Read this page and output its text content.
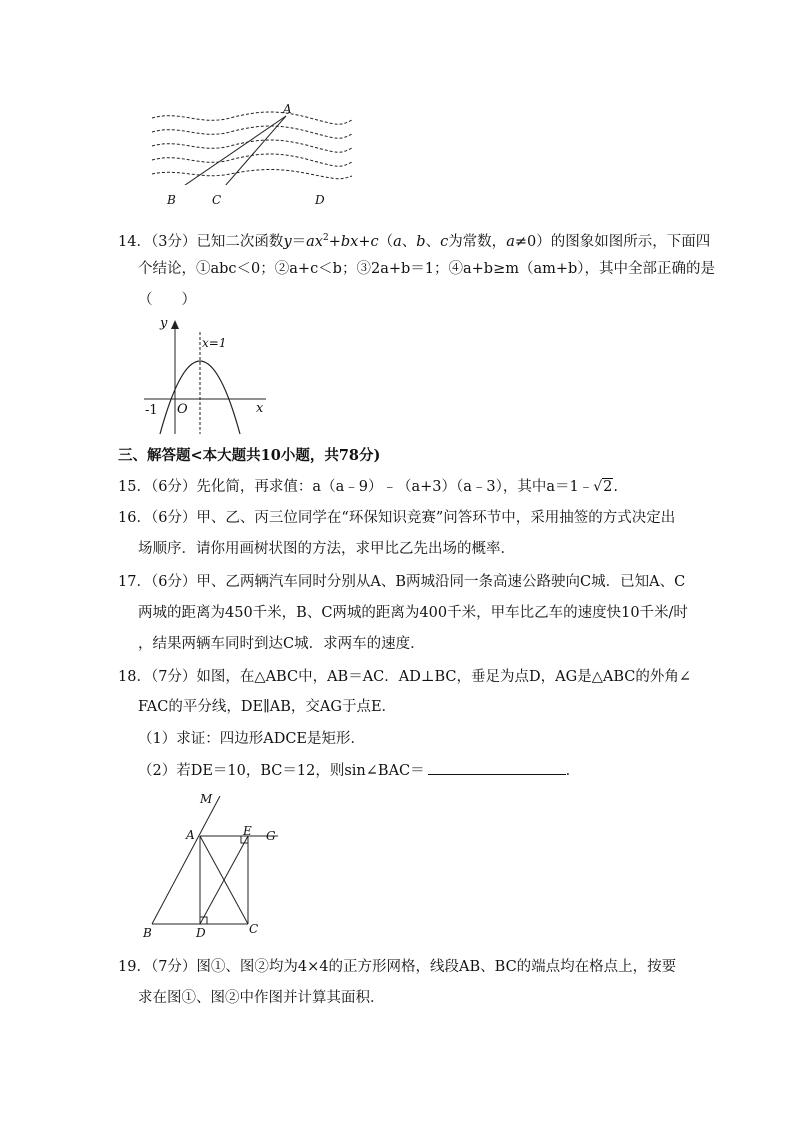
A
B	C	D
14．（3分）已知二次函数$y=ax^2+bx+c(a$、b、c为常数，a≠0）的图象如图所示，下面四
个结论，①abc＜0；②a+c＜b；③2a+b＝1；④a+b≥m（am+b），其中全部正确的是
（　　）
y
x
O
-1
x=1
三、解答题<本大题共10小题，共78分)
15．（6分）先化简，再求值：a（a﹣9）﹣（a+3）（a﹣3），其中a＝1﹣√2.
16．（6分）甲、乙、丙三位同学在“环保知识竞赛”问答环节中，采用抽签的方式决定出
场顺序．请你用画树状图的方法，求甲比乙先出场的概率．
17．（6分）甲、乙两辆汽车同时分别从A、B两城沿同一条高速公路驶向C城．已知A、C
两城的距离为450千米，B、C两城的距离为400千米，甲车比乙车的速度快10千米/时
，结果两辆车同时到达C城．求两车的速度．
18．（7分）如图，在△ABC中，AB＝AC．AD⊥BC，垂足为点D，AG是△ABC的外角∠
FAC的平分线，DE∥AB，交AG于点E．
（1）求证：四边形ADCE是矩形．
（2）若DE＝10，BC＝12，则sin∠BAC＝	．
M
A	E G
B	D	C
19．（7分）图①、图②均为4×4的正方形网格，线段AB、BC的端点均在格点上，按要
求在图①、图②中作图并计算其面积．
